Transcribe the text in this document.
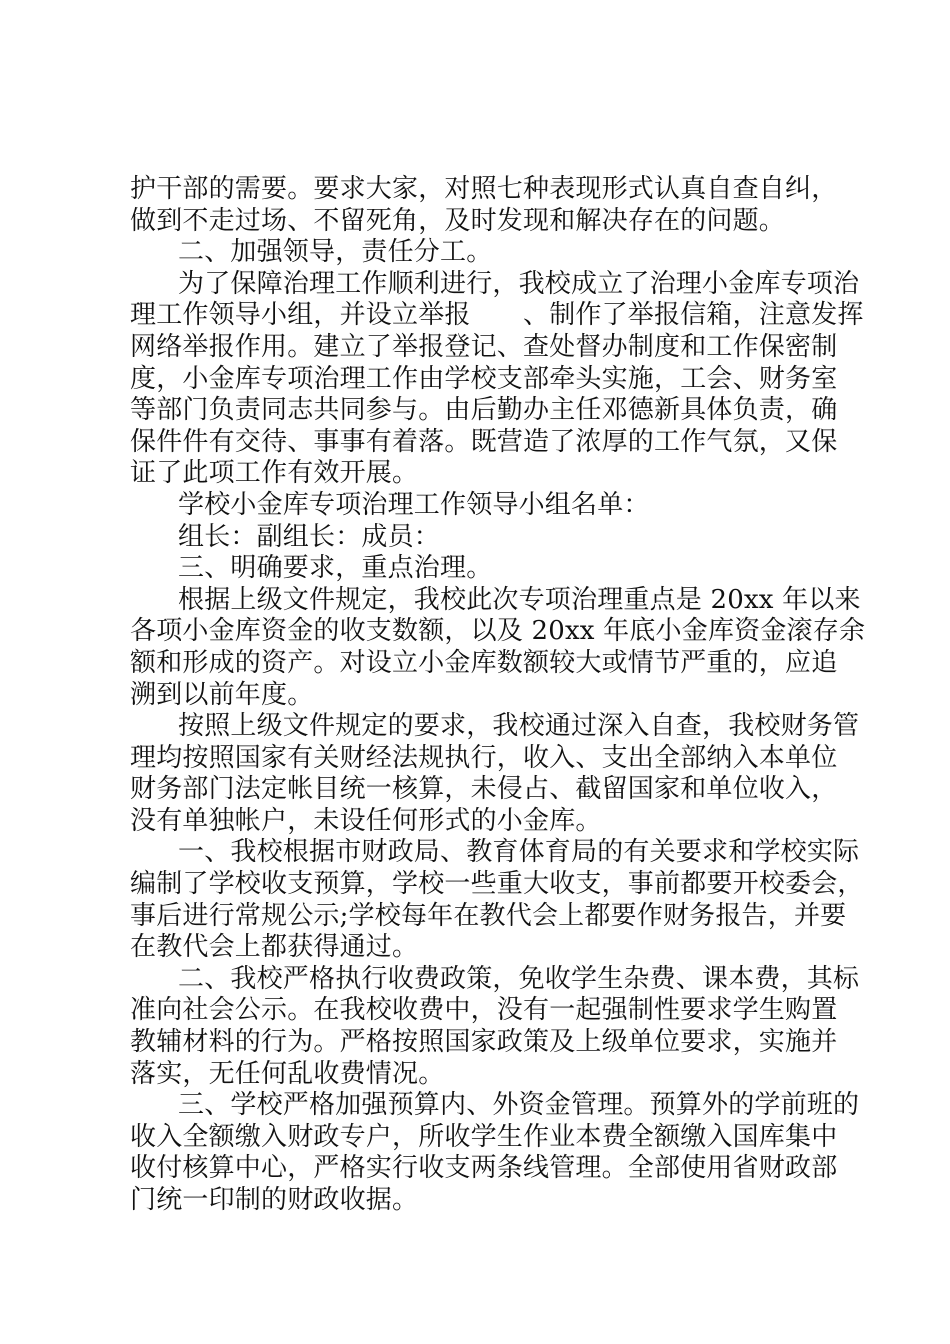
护干部的需要。要求大家，对照七种表现形式认真自查自纠，
做到不走过场、不留死角，及时发现和解决存在的问题。
二、加强领导，责任分工。
为了保障治理工作顺利进行，我校成立了治理小金库专项治
理工作领导小组，并设立举报　　、制作了举报信箱，注意发挥
网络举报作用。建立了举报登记、查处督办制度和工作保密制
度，小金库专项治理工作由学校支部牵头实施，工会、财务室
等部门负责同志共同参与。由后勤办主任邓德新具体负责，确
保件件有交待、事事有着落。既营造了浓厚的工作气氛，又保
证了此项工作有效开展。
学校小金库专项治理工作领导小组名单：
组长：副组长：成员：
三、明确要求，重点治理。
根据上级文件规定，我校此次专项治理重点是 20xx 年以来
各项小金库资金的收支数额，以及 20xx 年底小金库资金滚存余
额和形成的资产。对设立小金库数额较大或情节严重的，应追
溯到以前年度。
按照上级文件规定的要求，我校通过深入自查，我校财务管
理均按照国家有关财经法规执行，收入、支出全部纳入本单位
财务部门法定帐目统一核算，未侵占、截留国家和单位收入，
没有单独帐户，未设任何形式的小金库。
一、我校根据市财政局、教育体育局的有关要求和学校实际
编制了学校收支预算，学校一些重大收支，事前都要开校委会，
事后进行常规公示;学校每年在教代会上都要作财务报告，并要
在教代会上都获得通过。
二、我校严格执行收费政策，免收学生杂费、课本费，其标
准向社会公示。在我校收费中，没有一起强制性要求学生购置
教辅材料的行为。严格按照国家政策及上级单位要求，实施并
落实，无任何乱收费情况。
三、学校严格加强预算内、外资金管理。预算外的学前班的
收入全额缴入财政专户，所收学生作业本费全额缴入国库集中
收付核算中心，严格实行收支两条线管理。全部使用省财政部
门统一印制的财政收据。
